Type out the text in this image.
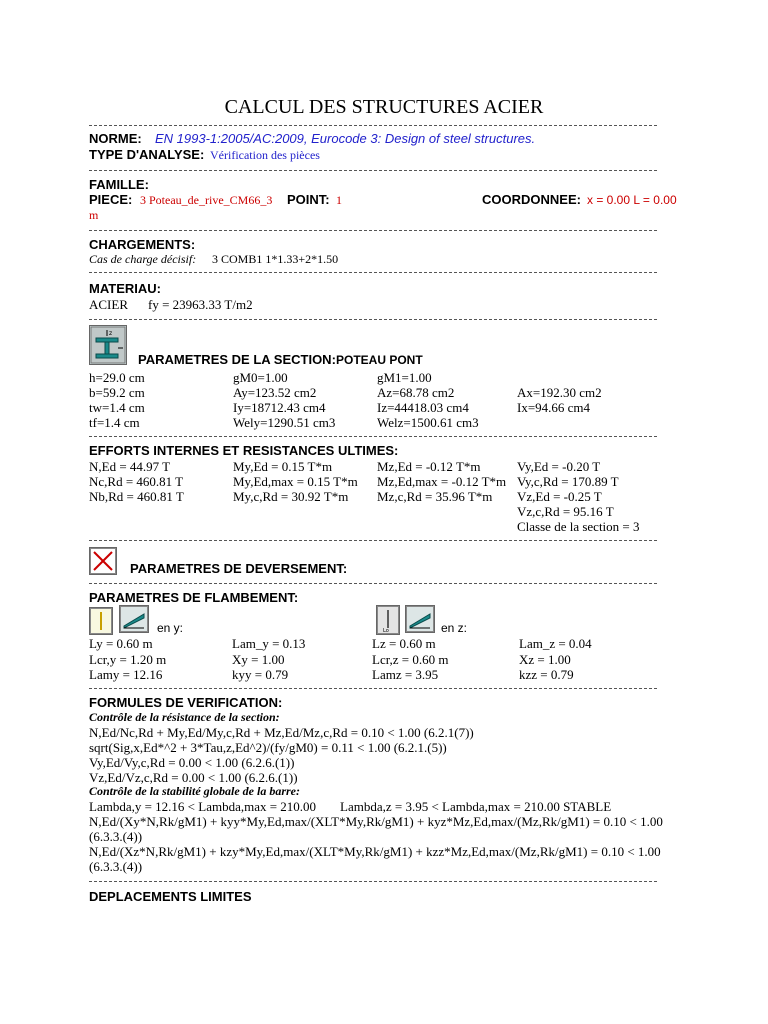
CALCUL DES STRUCTURES ACIER
NORME: EN 1993-1:2005/AC:2009, Eurocode 3: Design of steel structures.
TYPE D'ANALYSE: Vérification des pièces
FAMILLE:
PIECE: 3 Poteau_de_rive_CM66_3 POINT: 1
m
COORDONNEE: x = 0.00 L = 0.00
CHARGEMENTS:
Cas de charge décisif: 3 COMB1 1*1.33+2*1.50
MATERIAU:
ACIER fy = 23963.33 T/m2
z
PARAMETRES DE LA SECTION: POTEAU PONT
h=29.0 cm	gM0=1.00	gM1=1.00
b=59.2 cm	Ay=123.52 cm2	Az=68.78 cm2	Ax=192.30 cm2
tw=1.4 cm	Iy=18712.43 cm4	Iz=44418.03 cm4	Ix=94.66 cm4
tf=1.4 cm	Wely=1290.51 cm3	Welz=1500.61 cm3
EFFORTS INTERNES ET RESISTANCES ULTIMES:
N,Ed = 44.97 T	My,Ed = 0.15 T*m	Mz,Ed = -0.12 T*m	Vy,Ed = -0.20 T
Nc,Rd = 460.81 T	My,Ed,max = 0.15 T*m Mz,Ed,max = -0.12 T*m Vy,c,Rd = 170.89 T
Nb,Rd = 460.81 T	My,c,Rd = 30.92 T*m Mz,c,Rd = 35.96 T*m Vz,Ed = -0.25 T
Vz,c,Rd = 95.16 T
Classe de la section = 3
PARAMETRES DE DEVERSEMENT:
PARAMETRES DE FLAMBEMENT:
en y:	Lo	en z:
Ly = 0.60 m	Lam_y = 0.13	Lz = 0.60 m	Lam_z = 0.04
Lcr,y = 1.20 m	Xy = 1.00	Lcr,z = 0.60 m	Xz = 1.00
Lamy = 12.16	kyy = 0.79	Lamz = 3.95	kzz = 0.79
FORMULES DE VERIFICATION:
Contrôle de la résistance de la section:
N,Ed/Nc,Rd + My,Ed/My,c,Rd + Mz,Ed/Mz,c,Rd = 0.10 < 1.00 (6.2.1(7))
sqrt(Sig,x,Ed*^2 + 3*Tau,z,Ed^2)/(fy/gM0) = 0.11 < 1.00 (6.2.1.(5))
Vy,Ed/Vy,c,Rd = 0.00 < 1.00 (6.2.6.(1))
Vz,Ed/Vz,c,Rd = 0.00 < 1.00 (6.2.6.(1))
Contrôle de la stabilité globale de la barre:
Lambda,y = 12.16 < Lambda,max = 210.00 Lambda,z = 3.95 < Lambda,max = 210.00 STABLE
N,Ed/(Xy*N,Rk/gM1) + kyy*My,Ed,max/(XLT*My,Rk/gM1) + kyz*Mz,Ed,max/(Mz,Rk/gM1) = 0.10 < 1.00
(6.3.3.(4))
N,Ed/(Xz*N,Rk/gM1) + kzy*My,Ed,max/(XLT*My,Rk/gM1) + kzz*Mz,Ed,max/(Mz,Rk/gM1) = 0.10 < 1.00
(6.3.3.(4))
DEPLACEMENTS LIMITES
